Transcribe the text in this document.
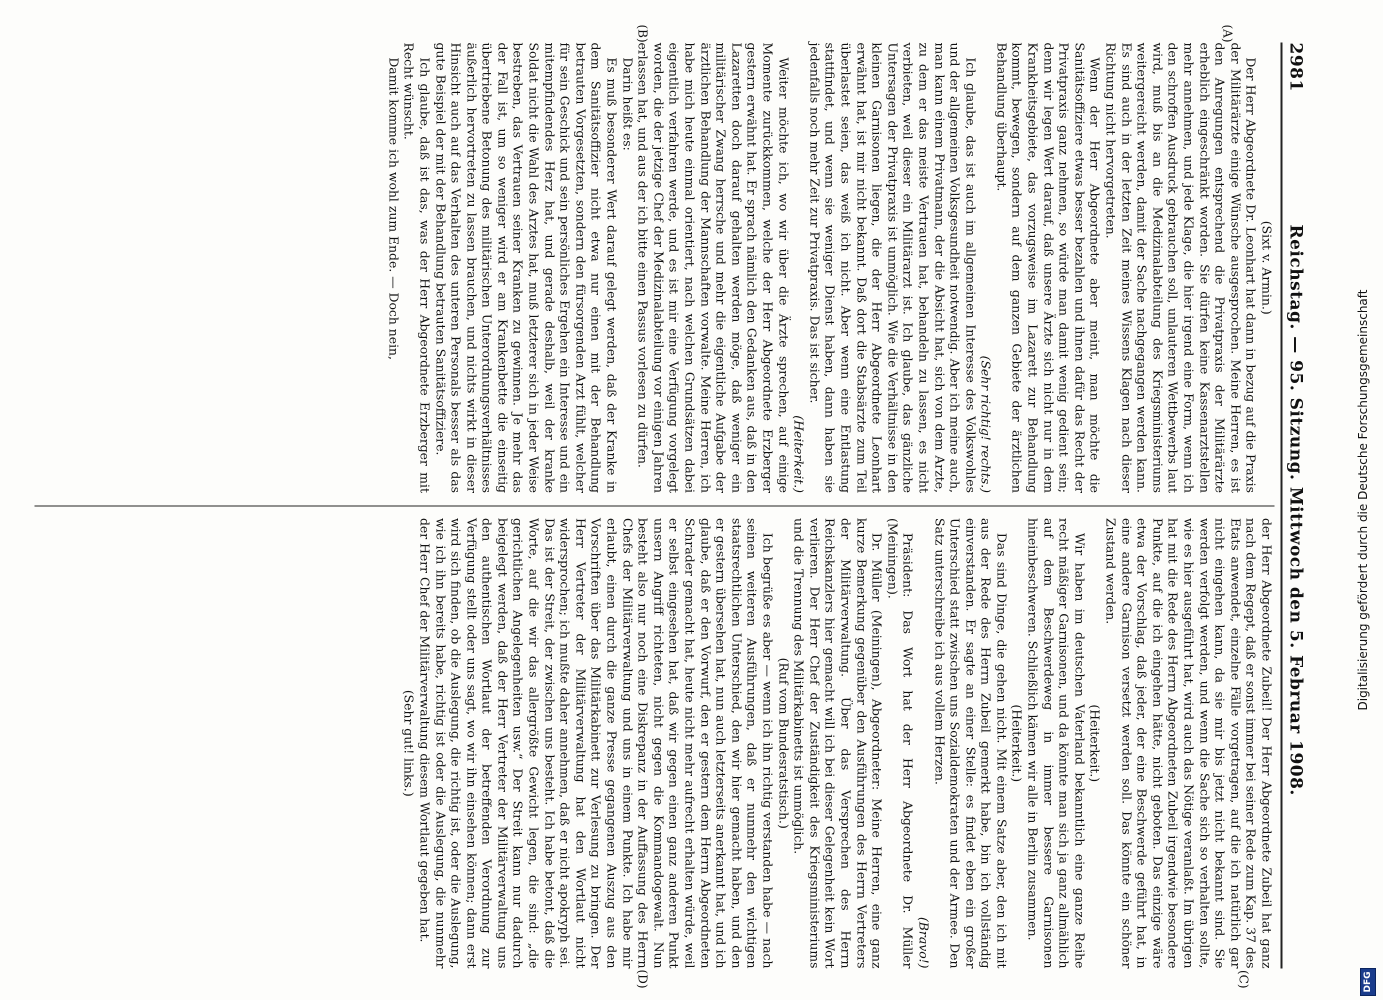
2981
Reichstag. — 95. Sitzung. Mittwoch den 5. Februar 1908.
(A)
(B)

(Sixt v. Armin.)

Der Herr Abgeordnete Dr. Leonhart hat dann in bezug auf die Praxis der Militärärzte einige Wünsche ausgesprochen. Meine Herren, es ist den Anregungen entsprechend die Privatpraxis der Militärärzte erheblich eingeschränkt worden. Sie dürfen keine Kassenarztstellen mehr annehmen, und jede Klage, die hier irgend eine Form, wenn ich den schroffen Ausdruck gebrauchen soll, unlauteren Wettbewerbs laut wird, muß bis an die Medizinalabteilung des Kriegsministeriums weitergereicht werden, damit der Sache nachgegangen werden kann. Es sind auch in der letzten Zeit meines Wissens Klagen nach dieser Richtung nicht hervorgetreten.

Wenn der Herr Abgeordnete aber meint, man möchte die Sanitätsoffiziere etwas besser bezahlen und ihnen dafür das Recht der Privatpraxis ganz nehmen, so würde man damit wenig gedient sein; denn wir legen Wert darauf, daß unsere Ärzte sich nicht nur in dem Krankheitsgebiete, das vorzugsweise im Lazarett zur Behandlung kommt, bewegen, sondern auf dem ganzen Gebiete der ärztlichen Behandlung überhaupt.

(Sehr richtig! rechts.)

Ich glaube, das ist auch im allgemeinen Interesse des Volkswohles und der allgemeinen Volksgesundheit notwendig. Aber ich meine auch, man kann einem Privatmann, der die Absicht hat, sich von dem Arzte, zu dem er das meiste Vertrauen hat, behandeln zu lassen, es nicht verbieten, weil dieser ein Militärarzt ist. Ich glaube, das gänzliche Untersagen der Privatpraxis ist unmöglich. Wie die Verhältnisse in den kleinen Garnisonen liegen, die der Herr Abgeordnete Leonhart erwähnt hat, ist mir nicht bekannt. Daß dort die Stabsärzte zum Teil überlastet seien, das weiß ich nicht. Aber wenn eine Entlastung stattfindet, und wenn sie weniger Dienst haben, dann haben sie jedenfalls noch mehr Zeit zur Privatpraxis. Das ist sicher.

(Heiterkeit.)

Weiter möchte ich, wo wir über die Ärzte sprechen, auf einige Momente zurückkommen, welche der Herr Abgeordnete Erzberger gestern erwähnt hat. Er sprach nämlich den Gedanken aus, daß in den Lazaretten doch darauf gehalten werden möge, daß weniger ein militärischer Zwang herrsche und mehr die eigentliche Aufgabe der ärztlichen Behandlung der Mannschaften vorwalte. Meine Herren, ich habe mich heute einmal orientiert, nach welchen Grundsätzen dabei eigentlich verfahren werde, und es ist mir eine Verfügung vorgelegt worden, die der jetzige Chef der Medizinalabteilung vor einigen Jahren erlassen hat, und aus der ich bitte einen Passus vorlesen zu dürfen.

Darin heißt es:

Es muß besonderer Wert darauf gelegt werden, daß der Kranke in dem Sanitätsoffizier nicht etwa nur einen mit der Behandlung betrauten Vorgesetzten, sondern den fürsorgenden Arzt fühlt, welcher für sein Geschick und sein persönliches Ergehen ein Interesse und ein mitempfindendes Herz hat, und gerade deshalb, weil der kranke Soldat nicht die Wahl des Arztes hat, muß letzterer sich in jeder Weise bestreben, das Vertrauen seiner Kranken zu gewinnen. Je mehr das der Fall ist, um so weniger wird er am Krankenbette die einseitig übertriebene Betonung des militärischen Unterordnungsverhältnisses äußerlich hervortreten zu lassen brauchen, und nichts wirkt in dieser Hinsicht auch auf das Verhalten des unteren Personals besser als das gute Beispiel der mit der Behandlung betrauten Sanitätsoffiziere.

Ich glaube, daß ist das, was der Herr Abgeordnete Erzberger mit Recht wünscht.

Damit komme ich wohl zum Ende. — Doch nein,

(C)
(D)

der Herr Abgeordnete Zubeil! Der Herr Abgeordnete Zubeil hat ganz nach dem Regept, daß er sonst immer bei seiner Rede zum Kap. 37 des Etats anwendet, einzelne Fälle vorgetragen, auf die ich natürlich gar nicht eingehen kann, da sie mir bis jetzt nicht bekannt sind. Sie werden verfolgt werden, und wenn die Sache sich so verhalten sollte, wie es hier ausgeführt hat, wird auch das Nötige veranlaßt. Im übrigen hat mit die Rede des Herrn Abgeordneten Zubeil irgendwie besondere Punkte, auf die ich eingehen hätte, nicht geboten. Das einzige wäre etwa der Vorschlag, daß jeder, der eine Beschwerde geführt hat, in eine andere Garnison versetzt werden soll. Das könnte ein schöner Zustand werden.

(Heiterkeit.)

Wir haben im deutschen Vaterland bekanntlich eine ganze Reihe recht mäßiger Garnisonen, und da könnte man sich ja ganz allmählich auf dem Beschwerdeweg in immer bessere Garnisonen hineinbeschweren. Schließlich kämen wir alle in Berlin zusammen.

(Heiterkeit.)

Das sind Dinge, die gehen nicht. Mit einem Satze aber, den ich mit aus der Rede des Herrn Zubeil gemerkt habe, bin ich vollständig einverstanden. Er sagte an einer Stelle: es findet eben ein großer Unterschied statt zwischen uns Sozialdemokraten und der Armee. Den Satz unterschreibe ich aus vollem Herzen.

(Bravo!)

Präsident: Das Wort hat der Herr Abgeordnete Dr. Müller (Meiningen).

Dr. Müller (Meiningen), Abgeordneter: Meine Herren, eine ganz kurze Bemerkung gegenüber den Ausführungen des Herrn Vertreters der Militärverwaltung. Über das Versprechen des Herrn Reichskanzlers hier gemacht will ich bei dieser Gelegenheit kein Wort verlieren. Der Herr Chef der Zuständigkeit des Kriegsministeriums und die Trennung des Militärkabinetts ist unmöglich.

(Ruf vom Bundesratstisch.)

Ich begrüße es aber — wenn ich ihn richtig verstanden habe — nach seinen weiteren Ausführungen, daß er nunmehr den wichtigen staatsrechtlichen Unterschied, den wir hier gemacht haben, und den er gestern übersehen hat, nun auch letzterseits anerkannt hat, und ich glaube, daß er den Vorwurf, den er gestern dem Herrn Abgeordneten Schrader gemacht hat, heute nicht mehr aufrecht erhalten würde, weil er selbst eingesehen hat, daß wir gegen einen ganz anderen Punkt unsern Angriff richteten, nicht gegen die Kommandogewalt. Nun besteht also nur noch eine Diskrepanz in der Auffassung des Herrn Chefs der Militärverwaltung und uns in einem Punkte. Ich habe mir erlaubt, einen durch die ganze Presse gegangenen Auszug aus den Vorschriften über das Militärkabinett zur Verlesung zu bringen. Der Herr Vertreter der Militärverwaltung hat den Wortlaut nicht widersprochen; ich mußte daher annehmen, daß er nicht apokryph sei. Das ist der Streit, der zwischen uns besteht. Ich habe betont, daß die Worte, auf die wir das allergrößte Gewicht legen, die sind: „die gerichtlichen Angelegenheiten usw.“ Der Streit kann nur dadurch beigelegt werden, daß der Herr Vertreter der Militärverwaltung uns den authentischen Wortlaut der betreffenden Verordnung zur Verfügung stellt oder uns sagt, wo wir ihn einsehen können; dann erst wird sich finden, ob die Auslegung, die richtig ist, oder die Auslegung, wie ich ihn bereits habe, richtig ist oder die Auslegung, die nunmehr der Herr Chef der Militärverwaltung diesem Wortlaut gegeben hat.

(Sehr gut! links.)

Digitalisierung gefördert durch die Deutsche Forschungsgemeinschaft
DFG
